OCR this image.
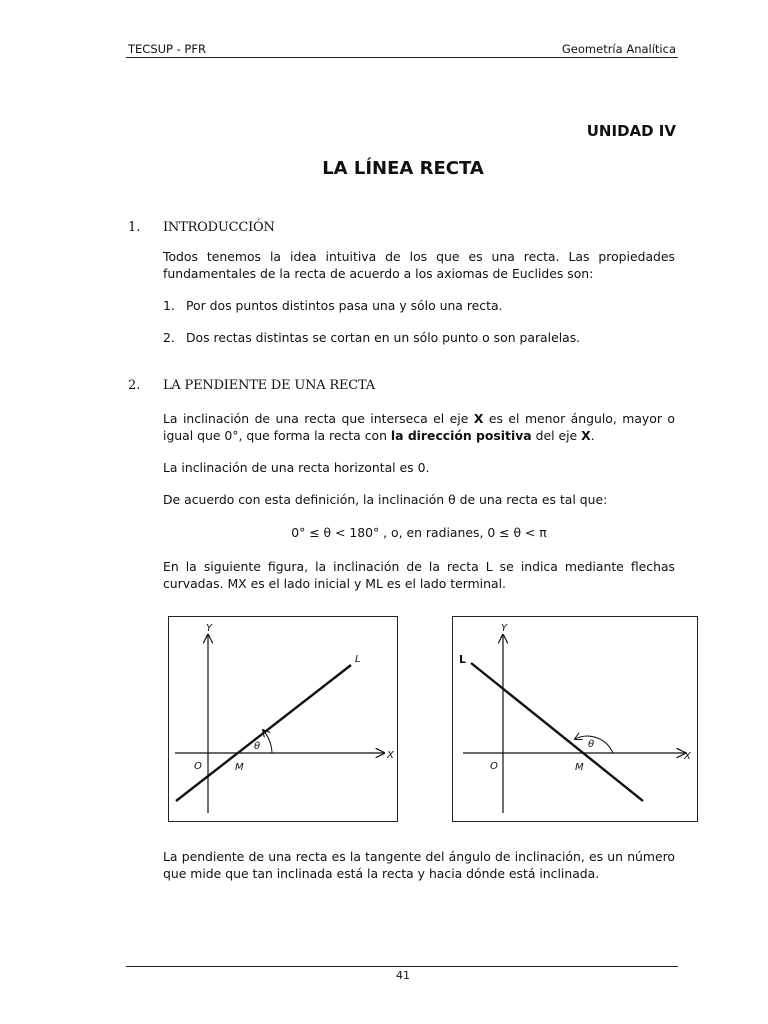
TECSUP - PFR	Geometría Analítica
UNIDAD IV
LA LÍNEA RECTA
1. INTRODUCCIÓN
Todos tenemos la idea intuitiva de los que es una recta. Las propiedades fundamentales de la recta de acuerdo a los axiomas de Euclides son:
1. Por dos puntos distintos pasa una y sólo una recta.
2. Dos rectas distintas se cortan en un sólo punto o son paralelas.
2. LA PENDIENTE DE UNA RECTA
La inclinación de una recta que interseca el eje X es el menor ángulo, mayor o igual que 0°, que forma la recta con la dirección positiva del eje X.
La inclinación de una recta horizontal es 0.
De acuerdo con esta definición, la inclinación θ de una recta es tal que:
0° ≤ θ < 180° , o, en radianes, 0 ≤ θ < π
En la siguiente figura, la inclinación de la recta L se indica mediante flechas curvadas. MX es el lado inicial y ML es el lado terminal.
Y
X
O	M
L
θ
Y
X
O	M
L
θ
La pendiente de una recta es la tangente del ángulo de inclinación, es un número que mide que tan inclinada está la recta y hacia dónde está inclinada.
41
